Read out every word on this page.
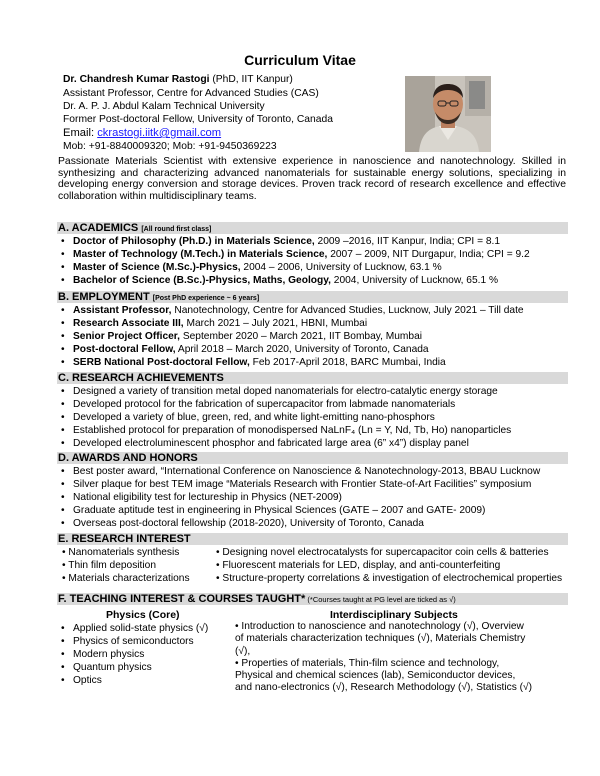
Curriculum Vitae
Dr. Chandresh Kumar Rastogi (PhD, IIT Kanpur)
Assistant Professor, Centre for Advanced Studies (CAS)
Dr. A. P. J. Abdul Kalam Technical University
Former Post-doctoral Fellow, University of Toronto, Canada
Email: ckrastogi.iitk@gmail.com
Mob: +91-8840009320; Mob: +91-9450369223
Passionate Materials Scientist with extensive experience in nanoscience and nanotechnology. Skilled in synthesizing and characterizing advanced nanomaterials for sustainable energy solutions, specializing in developing energy conversion and storage devices. Proven track record of research excellence and effective collaboration within multidisciplinary teams.
A. ACADEMICS [All round first class]
• Doctor of Philosophy (Ph.D.) in Materials Science, 2009 –2016, IIT Kanpur, India; CPI = 8.1
• Master of Technology (M.Tech.) in Materials Science, 2007 – 2009, NIT Durgapur, India; CPI = 9.2
• Master of Science (M.Sc.)-Physics, 2004 – 2006, University of Lucknow, 63.1 %
• Bachelor of Science (B.Sc.)-Physics, Maths, Geology, 2004, University of Lucknow, 65.1 %
B. EMPLOYMENT [Post PhD experience ~ 6 years]
• Assistant Professor, Nanotechnology, Centre for Advanced Studies, Lucknow, July 2021 – Till date
• Research Associate III, March 2021 – July 2021, HBNI, Mumbai
• Senior Project Officer, September 2020 – March 2021, IIT Bombay, Mumbai
• Post-doctoral Fellow, April 2018 – March 2020, University of Toronto, Canada
• SERB National Post-doctoral Fellow, Feb 2017-April 2018, BARC Mumbai, India
C. RESEARCH ACHIEVEMENTS
• Designed a variety of transition metal doped nanomaterials for electro-catalytic energy storage
• Developed protocol for the fabrication of supercapacitor from labmade nanomaterials
• Developed a variety of blue, green, red, and white light-emitting nano-phosphors
• Established protocol for preparation of monodispersed NaLnF₄ (Ln = Y, Nd, Tb, Ho) nanoparticles
• Developed electroluminescent phosphor and fabricated large area (6” x4”) display panel
D. AWARDS AND HONORS
• Best poster award, “International Conference on Nanoscience & Nanotechnology-2013, BBAU Lucknow
• Silver plaque for best TEM image “Materials Research with Frontier State-of-Art Facilities” symposium
• National eligibility test for lectureship in Physics (NET-2009)
• Graduate aptitude test in engineering in Physical Sciences (GATE – 2007 and GATE- 2009)
• Overseas post-doctoral fellowship (2018-2020), University of Toronto, Canada
E. RESEARCH INTEREST
• Nanomaterials synthesis
• Thin film deposition
• Materials characterizations
• Designing novel electrocatalysts for supercapacitor coin cells & batteries
• Fluorescent materials for LED, display, and anti-counterfeiting
• Structure-property correlations & investigation of electrochemical properties
F. TEACHING INTEREST & COURSES TAUGHT* (*Courses taught at PG level are ticked as √)
Physics (Core)	Interdisciplinary Subjects
• Applied solid-state physics (√)
• Physics of semiconductors
• Modern physics
• Quantum physics
• Optics

• Introduction to nanoscience and nanotechnology (√), Overview of materials characterization techniques (√), Materials Chemistry (√),

• Properties of materials, Thin-film science and technology, Physical and chemical sciences (lab), Semiconductor devices, and nano-electronics (√), Research Methodology (√), Statistics (√)
